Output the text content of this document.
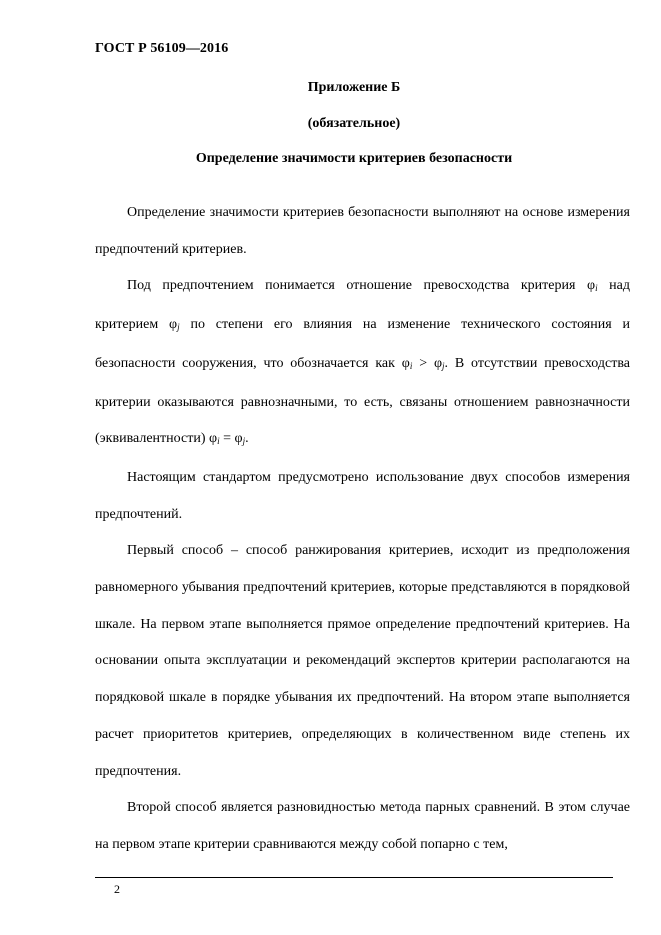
ГОСТ Р 56109—2016
Приложение Б
(обязательное)
Определение значимости критериев безопасности

Определение значимости критериев безопасности выполняют на основе измерения предпочтений критериев.

Под предпочтением понимается отношение превосходства критерия $\varphi_i$ над критерием $\varphi_j$ по степени его влияния на изменение технического состояния и безопасности сооружения, что обозначается как $\varphi_i > \varphi_j$. В отсутствии превосходства критерии оказываются равнозначными, то есть, связаны отношением равнозначности (эквивалентности) $\varphi_i = \varphi_j$.

Настоящим стандартом предусмотрено использование двух способов измерения предпочтений.

Первый способ – способ ранжирования критериев, исходит из предположения равномерного убывания предпочтений критериев, которые представляются в порядковой шкале. На первом этапе выполняется прямое определение предпочтений критериев. На основании опыта эксплуатации и рекомендаций экспертов критерии располагаются на порядковой шкале в порядке убывания их предпочтений. На втором этапе выполняется расчет приоритетов критериев, определяющих в количественном виде степень их предпочтения.

Второй способ является разновидностью метода парных сравнений. В этом случае на первом этапе критерии сравниваются между собой попарно с тем,

2
